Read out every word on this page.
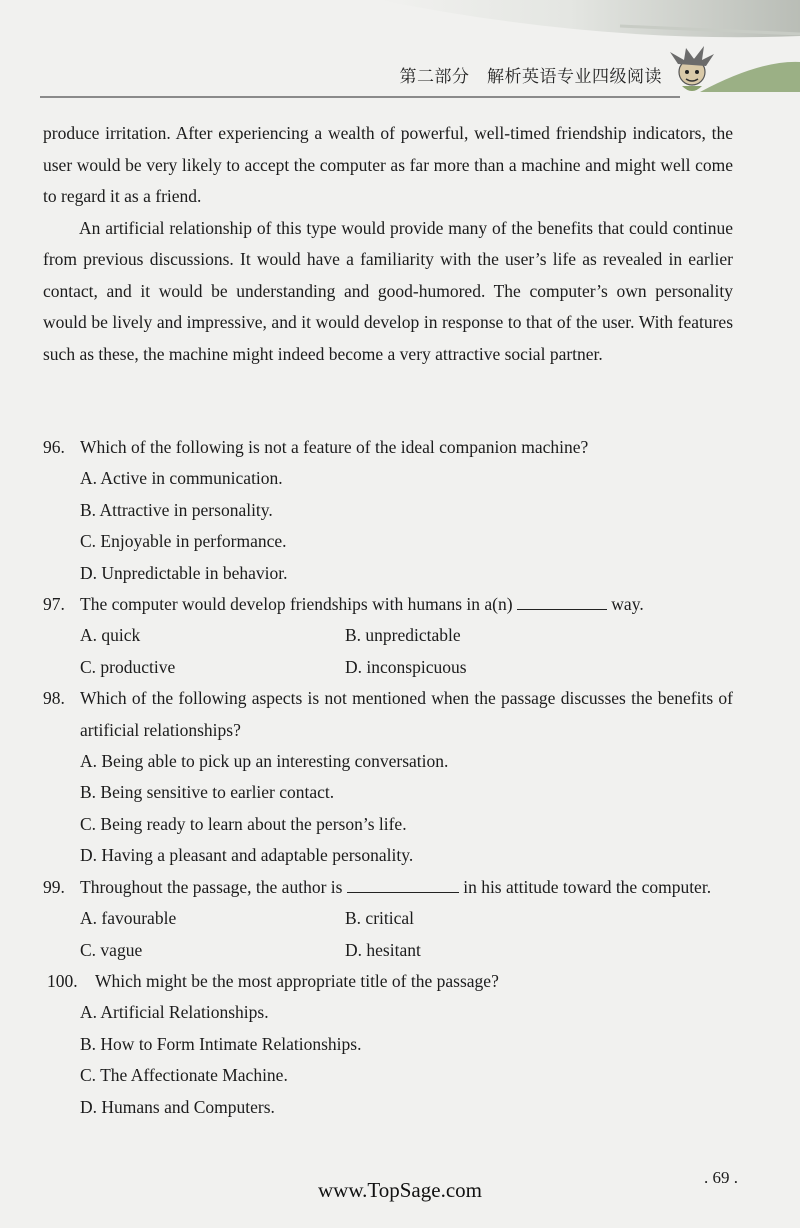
第二部分　解析英语专业四级阅读

produce irritation. After experiencing a wealth of powerful, well-timed friendship indicators, the user would be very likely to accept the computer as far more than a machine and might well come to regard it as a friend.

An artificial relationship of this type would provide many of the benefits that could continue from previous discussions. It would have a familiarity with the user’s life as revealed in earlier contact, and it would be understanding and good-humored. The computer’s own personality would be lively and impressive, and it would develop in response to that of the user. With features such as these, the machine might indeed become a very attractive social partner.

96. Which of the following is not a feature of the ideal companion machine?
A. Active in communication.
B. Attractive in personality.
C. Enjoyable in performance.
D. Unpredictable in behavior.
97. The computer would develop friendships with humans in a(n)	way.
A. quick	B. unpredictable
C. productive	D. inconspicuous
98. Which of the following aspects is not mentioned when the passage discusses the benefits of artificial relationships?
A. Being able to pick up an interesting conversation.
B. Being sensitive to earlier contact.
C. Being ready to learn about the person’s life.
D. Having a pleasant and adaptable personality.
99. Throughout the passage, the author is	in his attitude toward the computer.
A. favourable	B. critical
C. vague	D. hesitant
100. Which might be the most appropriate title of the passage?
A. Artificial Relationships.
B. How to Form Intimate Relationships.
C. The Affectionate Machine.
D. Humans and Computers.
. 69 .
www.TopSage.com
